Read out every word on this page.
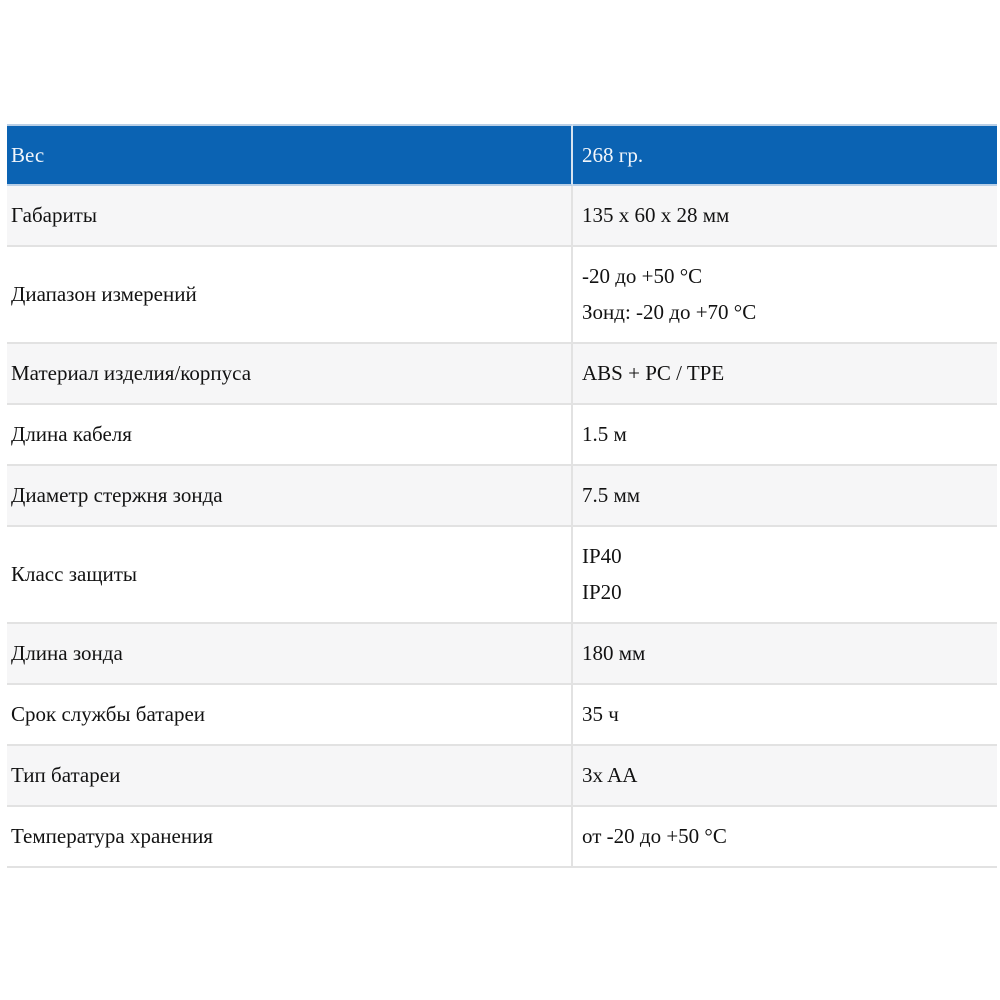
Вес	268 гр.

Габариты	135 x 60 x 28 мм

Диапазон измерений	-20 до +50 °C
Зонд: -20 до +70 °C

Материал изделия/корпуса	ABS + PC / TPE

Длина кабеля	1.5 м

Диаметр стержня зонда	7.5 мм

Класс защиты	IP40
IP20

Длина зонда	180 мм

Срок службы батареи	35 ч

Тип батареи	3x AA

Температура хранения	от -20 до +50 °C
